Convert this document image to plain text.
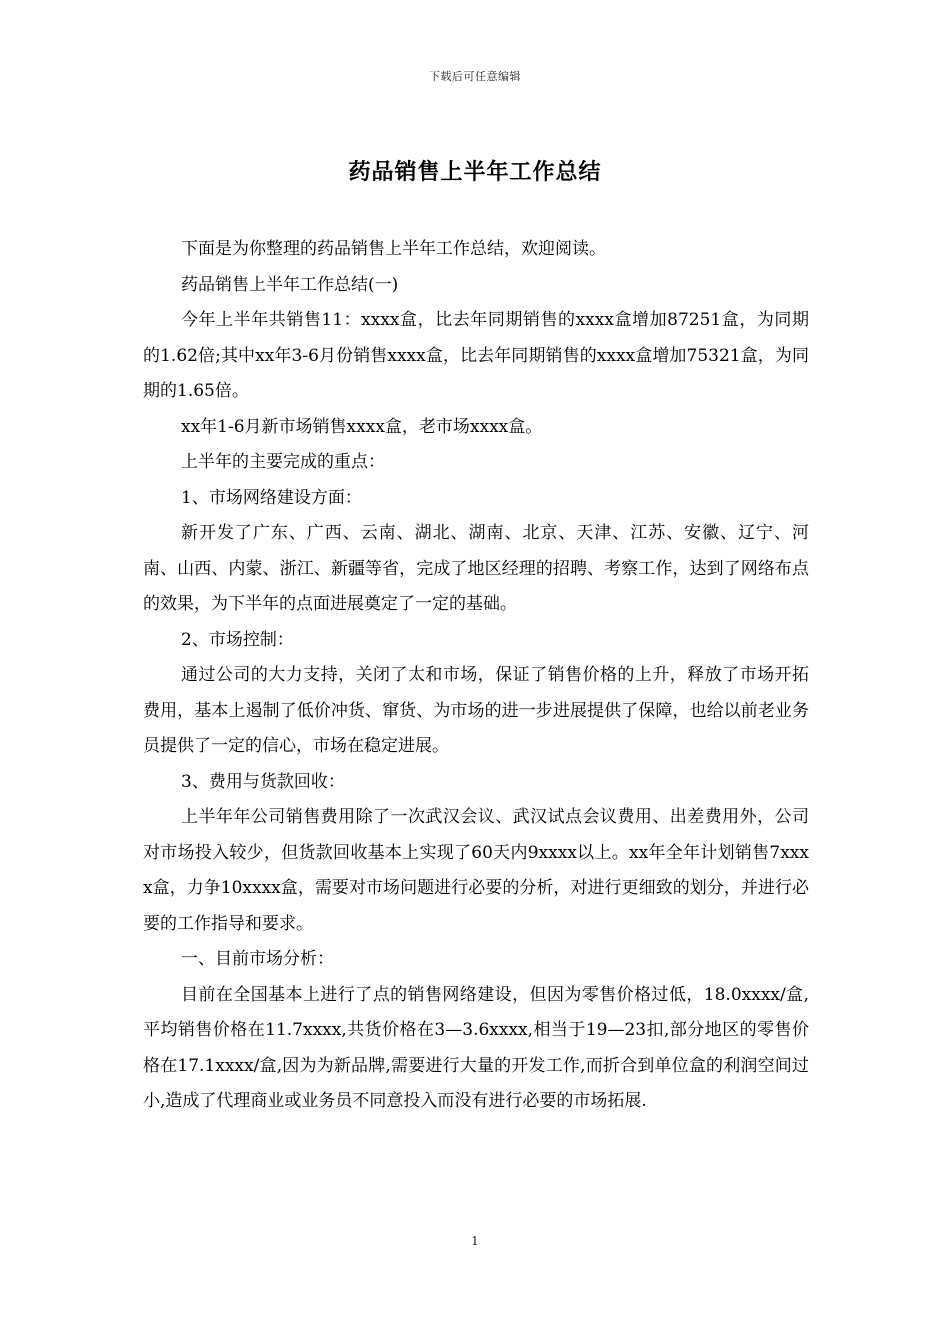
下载后可任意编辑
药品销售上半年工作总结

下面是为你整理的药品销售上半年工作总结，欢迎阅读。

药品销售上半年工作总结(一)

今年上半年共销售11：xxxx盒，比去年同期销售的xxxx盒增加87251盒，为同期的1.62倍;其中xx年3-6月份销售xxxx盒，比去年同期销售的xxxx盒增加75321盒，为同期的1.65倍。

xx年1-6月新市场销售xxxx盒，老市场xxxx盒。

上半年的主要完成的重点：

1、市场网络建设方面：

新开发了广东、广西、云南、湖北、湖南、北京、天津、江苏、安徽、辽宁、河南、山西、内蒙、浙江、新疆等省，完成了地区经理的招聘、考察工作，达到了网络布点的效果，为下半年的点面进展奠定了一定的基础。

2、市场控制：

通过公司的大力支持，关闭了太和市场，保证了销售价格的上升，释放了市场开拓费用，基本上遏制了低价冲货、窜货、为市场的进一步进展提供了保障，也给以前老业务员提供了一定的信心，市场在稳定进展。

3、费用与货款回收：

上半年年公司销售费用除了一次武汉会议、武汉试点会议费用、出差费用外，公司对市场投入较少，但货款回收基本上实现了60天内9xxxx以上。xx年全年计划销售7xxxx盒，力争10xxxx盒，需要对市场问题进行必要的分析，对进行更细致的划分，并进行必要的工作指导和要求。

一、目前市场分析：

目前在全国基本上进行了点的销售网络建设，但因为零售价格过低，18.0xxxx/盒,平均销售价格在11.7xxxx,共货价格在3—3.6xxxx,相当于19—23扣,部分地区的零售价格在17.1xxxx/盒,因为为新品牌,需要进行大量的开发工作,而折合到单位盒的利润空间过小,造成了代理商业或业务员不同意投入而没有进行必要的市场拓展.

1
